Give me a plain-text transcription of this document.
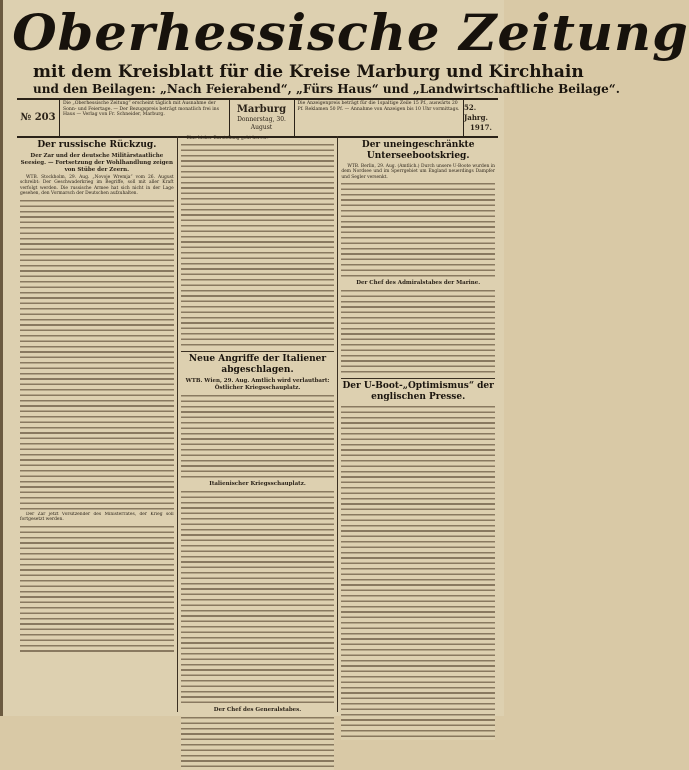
Oberhessische Zeitung
mit dem Kreisblatt für die Kreise Marburg und Kirchhain
und den Beilagen: „Nach Feierabend“, „Fürs Haus“ und „Landwirtschaftliche Beilage“.
№ 203
Die „Oberhessische Zeitung“ erscheint täglich mit Ausnahme der Sonn- und Feiertage. — Der Bezugspreis beträgt monatlich frei ins Haus — Verlag von Fr. Schneider, Marburg.	Marburg
Donnerstag, 30. August
Die Anzeigenpreis beträgt für die 1spaltige Zeile 15 Pf., auswärts 20 Pf. Reklamen 50 Pf. — Annahme von Anzeigen bis 10 Uhr vormittags. 52. Jahrg.
1917.
Der russische Rückzug.
Der Zar und der deutsche Militärstaatliche Seesieg. — Fortsetzung der Wohlhandlung zeigen von Stübe der Zeern.

WTB. Stockholm, 29. Aug. „Novoje Wremja“ vom 26. August schreibt: Der Geschwaderkrieg im Begriffe, soll mit aller Kraft verfolgt werden. Die russische Armee hat sich nicht in der Lage gesehen, den Vormarsch der Deutschen aufzuhalten.

Der Zar jetzt Vorsitzender des Ministerrates, der Krieg soll fortgesetzt werden.

Eine bisher Darstellung geht hervor:

Neue Angriffe der Italiener abgeschlagen.
WTB. Wien, 29. Aug. Amtlich wird verlautbart: Östlicher Kriegsschauplatz.
Italienischer Kriegsschauplatz.
Der Chef des Generalstabes.
Der uneingeschränkte Unterseebootskrieg.

WTB. Berlin, 29. Aug. (Amtlich.) Durch unsere U-Boote wurden in dem Nordsee und im Sperrgebiet um England neuerdings Dampfer und Segler versenkt.

Der Chef des Admiralstabes der Marine.
Der U-Boot-„Optimismus“ der englischen Presse.
